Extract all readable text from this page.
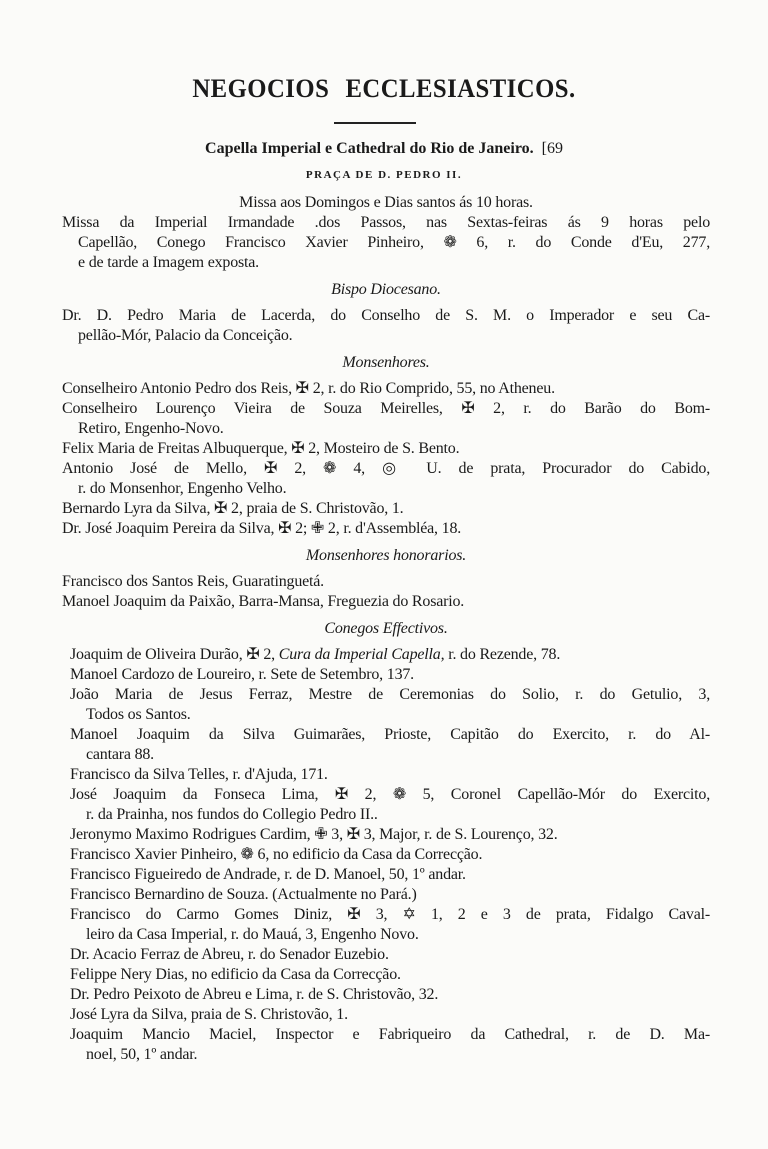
NEGOCIOS ECCLESIASTICOS.
Capella Imperial e Cathedral do Rio de Janeiro. [69
PRAÇA DE D. PEDRO II.
Missa aos Domingos e Dias santos ás 10 horas.
Missa da Imperial Irmandade .dos Passos, nas Sextas-feiras ás 9 horas pelo
Capellão, Conego Francisco Xavier Pinheiro, ❁ 6, r. do Conde d'Eu, 277,
e de tarde a Imagem exposta.
Bispo Diocesano.
Dr. D. Pedro Maria de Lacerda, do Conselho de S. M. o Imperador e seu Ca-
pellão-Mór, Palacio da Conceição.
Monsenhores.
Conselheiro Antonio Pedro dos Reis, ✠ 2, r. do Rio Comprido, 55, no Atheneu.
Conselheiro Lourenço Vieira de Souza Meirelles, ✠ 2, r. do Barão do Bom-
Retiro, Engenho-Novo.
Felix Maria de Freitas Albuquerque, ✠ 2, Mosteiro de S. Bento.
Antonio José de Mello, ✠ 2, ❁ 4, ◎ U. de prata, Procurador do Cabido,
r. do Monsenhor, Engenho Velho.
Bernardo Lyra da Silva, ✠ 2, praia de S. Christovão, 1.
Dr. José Joaquim Pereira da Silva, ✠ 2; ✙ 2, r. d'Assembléa, 18.
Monsenhores honorarios.
Francisco dos Santos Reis, Guaratinguetá.
Manoel Joaquim da Paixão, Barra-Mansa, Freguezia do Rosario.
Conegos Effectivos.
Joaquim de Oliveira Durão, ✠ 2, Cura da Imperial Capella, r. do Rezende, 78.
Manoel Cardozo de Loureiro, r. Sete de Setembro, 137.
João Maria de Jesus Ferraz, Mestre de Ceremonias do Solio, r. do Getulio, 3,
Todos os Santos.
Manoel Joaquim da Silva Guimarães, Prioste, Capitão do Exercito, r. do Al-
cantara 88.
Francisco da Silva Telles, r. d'Ajuda, 171.
José Joaquim da Fonseca Lima, ✠ 2, ❁ 5, Coronel Capellão-Mór do Exercito,
r. da Prainha, nos fundos do Collegio Pedro II..
Jeronymo Maximo Rodrigues Cardim, ✙ 3, ✠ 3, Major, r. de S. Lourenço, 32.
Francisco Xavier Pinheiro, ❁ 6, no edificio da Casa da Correcção.
Francisco Figueiredo de Andrade, r. de D. Manoel, 50, 1º andar.
Francisco Bernardino de Souza. (Actualmente no Pará.)
Francisco do Carmo Gomes Diniz, ✠ 3, ✡ 1, 2 e 3 de prata, Fidalgo Caval-
leiro da Casa Imperial, r. do Mauá, 3, Engenho Novo.
Dr. Acacio Ferraz de Abreu, r. do Senador Euzebio.
Felippe Nery Dias, no edificio da Casa da Correcção.
Dr. Pedro Peixoto de Abreu e Lima, r. de S. Christovão, 32.
José Lyra da Silva, praia de S. Christovão, 1.
Joaquim Mancio Maciel, Inspector e Fabriqueiro da Cathedral, r. de D. Ma-
noel, 50, 1º andar.
